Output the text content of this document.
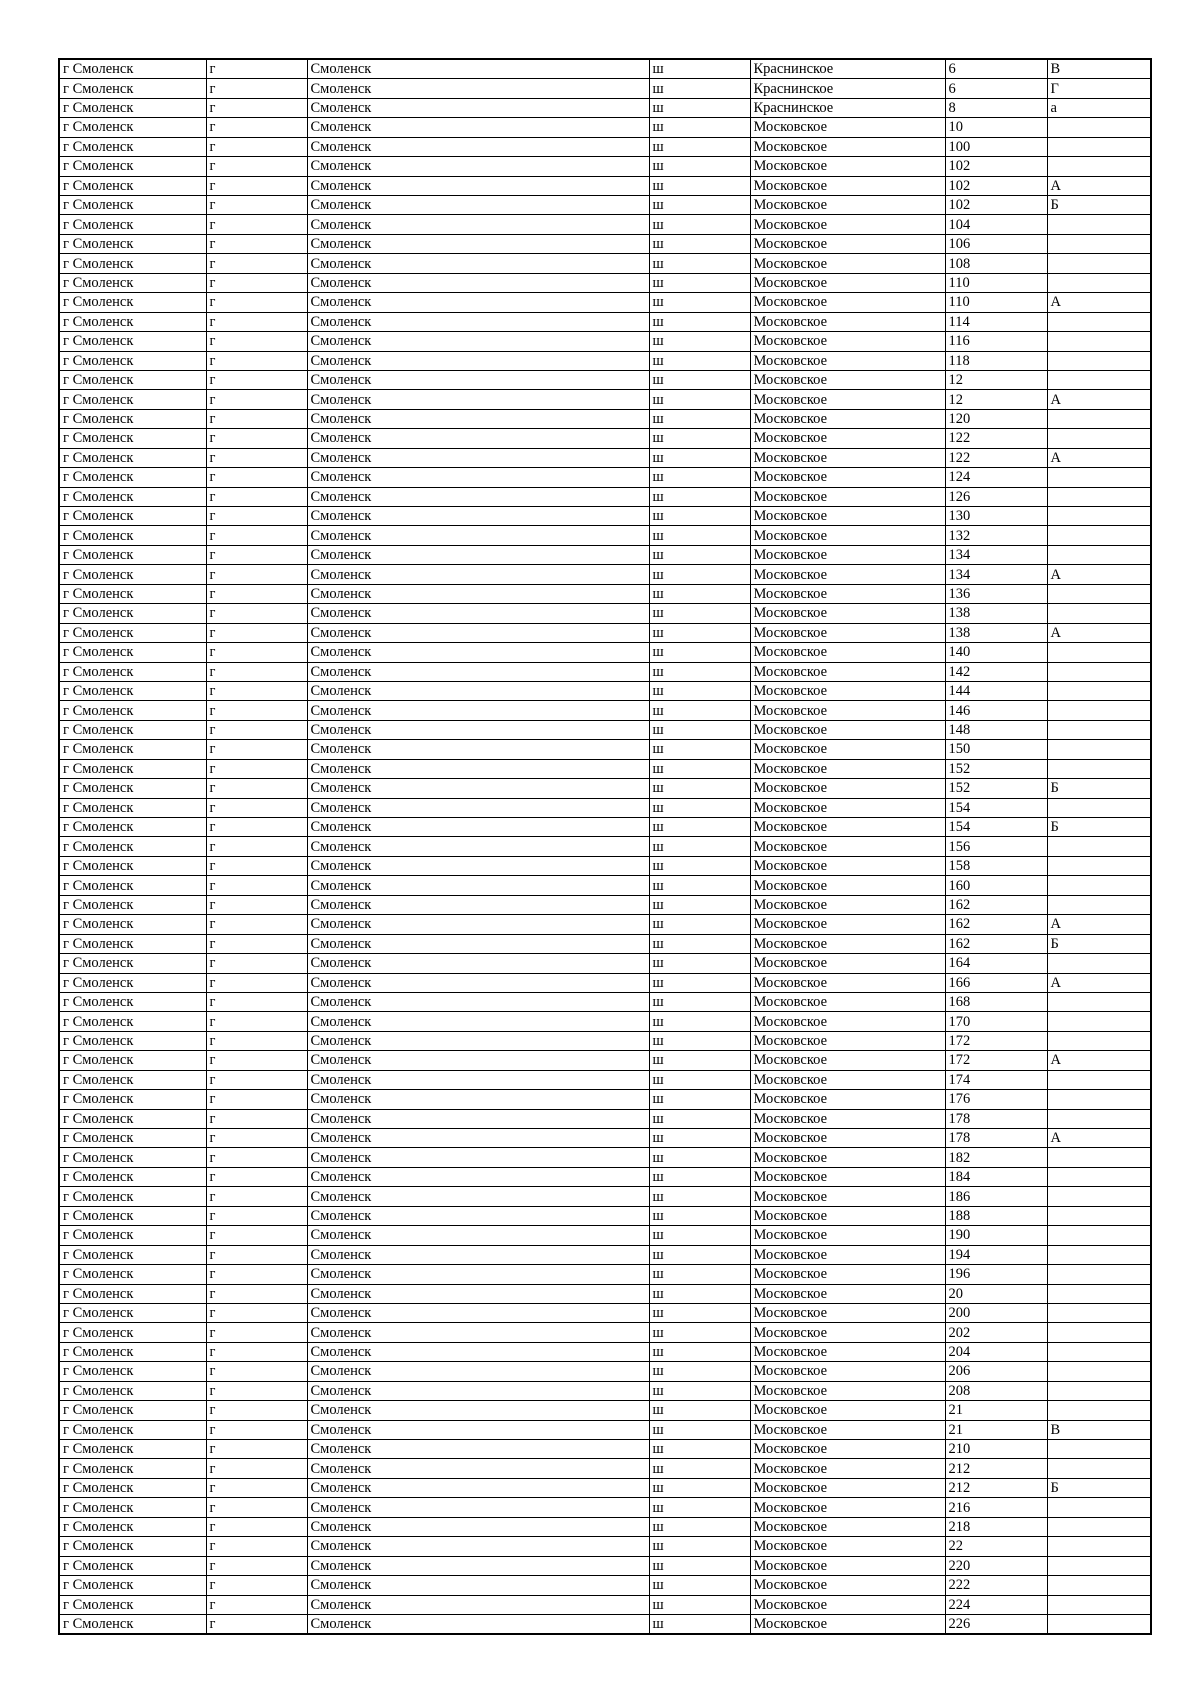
г Смоленск	г	Смоленск	ш	Краснинское	6	В
г Смоленск	г	Смоленск	ш	Краснинское	6	Г
г Смоленск	г	Смоленск	ш	Краснинское	8	а
г Смоленск	г	Смоленск	ш	Московское	10	
г Смоленск	г	Смоленск	ш	Московское	100	
г Смоленск	г	Смоленск	ш	Московское	102	
г Смоленск	г	Смоленск	ш	Московское	102	А
г Смоленск	г	Смоленск	ш	Московское	102	Б
г Смоленск	г	Смоленск	ш	Московское	104	
г Смоленск	г	Смоленск	ш	Московское	106	
г Смоленск	г	Смоленск	ш	Московское	108	
г Смоленск	г	Смоленск	ш	Московское	110	
г Смоленск	г	Смоленск	ш	Московское	110	А
г Смоленск	г	Смоленск	ш	Московское	114	
г Смоленск	г	Смоленск	ш	Московское	116	
г Смоленск	г	Смоленск	ш	Московское	118	
г Смоленск	г	Смоленск	ш	Московское	12	
г Смоленск	г	Смоленск	ш	Московское	12	А
г Смоленск	г	Смоленск	ш	Московское	120	
г Смоленск	г	Смоленск	ш	Московское	122	
г Смоленск	г	Смоленск	ш	Московское	122	А
г Смоленск	г	Смоленск	ш	Московское	124	
г Смоленск	г	Смоленск	ш	Московское	126	
г Смоленск	г	Смоленск	ш	Московское	130	
г Смоленск	г	Смоленск	ш	Московское	132	
г Смоленск	г	Смоленск	ш	Московское	134	
г Смоленск	г	Смоленск	ш	Московское	134	А
г Смоленск	г	Смоленск	ш	Московское	136	
г Смоленск	г	Смоленск	ш	Московское	138	
г Смоленск	г	Смоленск	ш	Московское	138	А
г Смоленск	г	Смоленск	ш	Московское	140	
г Смоленск	г	Смоленск	ш	Московское	142	
г Смоленск	г	Смоленск	ш	Московское	144	
г Смоленск	г	Смоленск	ш	Московское	146	
г Смоленск	г	Смоленск	ш	Московское	148	
г Смоленск	г	Смоленск	ш	Московское	150	
г Смоленск	г	Смоленск	ш	Московское	152	
г Смоленск	г	Смоленск	ш	Московское	152	Б
г Смоленск	г	Смоленск	ш	Московское	154	
г Смоленск	г	Смоленск	ш	Московское	154	Б
г Смоленск	г	Смоленск	ш	Московское	156	
г Смоленск	г	Смоленск	ш	Московское	158	
г Смоленск	г	Смоленск	ш	Московское	160	
г Смоленск	г	Смоленск	ш	Московское	162	
г Смоленск	г	Смоленск	ш	Московское	162	А
г Смоленск	г	Смоленск	ш	Московское	162	Б
г Смоленск	г	Смоленск	ш	Московское	164	
г Смоленск	г	Смоленск	ш	Московское	166	А
г Смоленск	г	Смоленск	ш	Московское	168	
г Смоленск	г	Смоленск	ш	Московское	170	
г Смоленск	г	Смоленск	ш	Московское	172	
г Смоленск	г	Смоленск	ш	Московское	172	А
г Смоленск	г	Смоленск	ш	Московское	174	
г Смоленск	г	Смоленск	ш	Московское	176	
г Смоленск	г	Смоленск	ш	Московское	178	
г Смоленск	г	Смоленск	ш	Московское	178	А
г Смоленск	г	Смоленск	ш	Московское	182	
г Смоленск	г	Смоленск	ш	Московское	184	
г Смоленск	г	Смоленск	ш	Московское	186	
г Смоленск	г	Смоленск	ш	Московское	188	
г Смоленск	г	Смоленск	ш	Московское	190	
г Смоленск	г	Смоленск	ш	Московское	194	
г Смоленск	г	Смоленск	ш	Московское	196	
г Смоленск	г	Смоленск	ш	Московское	20	
г Смоленск	г	Смоленск	ш	Московское	200	
г Смоленск	г	Смоленск	ш	Московское	202	
г Смоленск	г	Смоленск	ш	Московское	204	
г Смоленск	г	Смоленск	ш	Московское	206	
г Смоленск	г	Смоленск	ш	Московское	208	
г Смоленск	г	Смоленск	ш	Московское	21	
г Смоленск	г	Смоленск	ш	Московское	21	В
г Смоленск	г	Смоленск	ш	Московское	210	
г Смоленск	г	Смоленск	ш	Московское	212	
г Смоленск	г	Смоленск	ш	Московское	212	Б
г Смоленск	г	Смоленск	ш	Московское	216	
г Смоленск	г	Смоленск	ш	Московское	218	
г Смоленск	г	Смоленск	ш	Московское	22	
г Смоленск	г	Смоленск	ш	Московское	220	
г Смоленск	г	Смоленск	ш	Московское	222	
г Смоленск	г	Смоленск	ш	Московское	224	
г Смоленск	г	Смоленск	ш	Московское	226	
